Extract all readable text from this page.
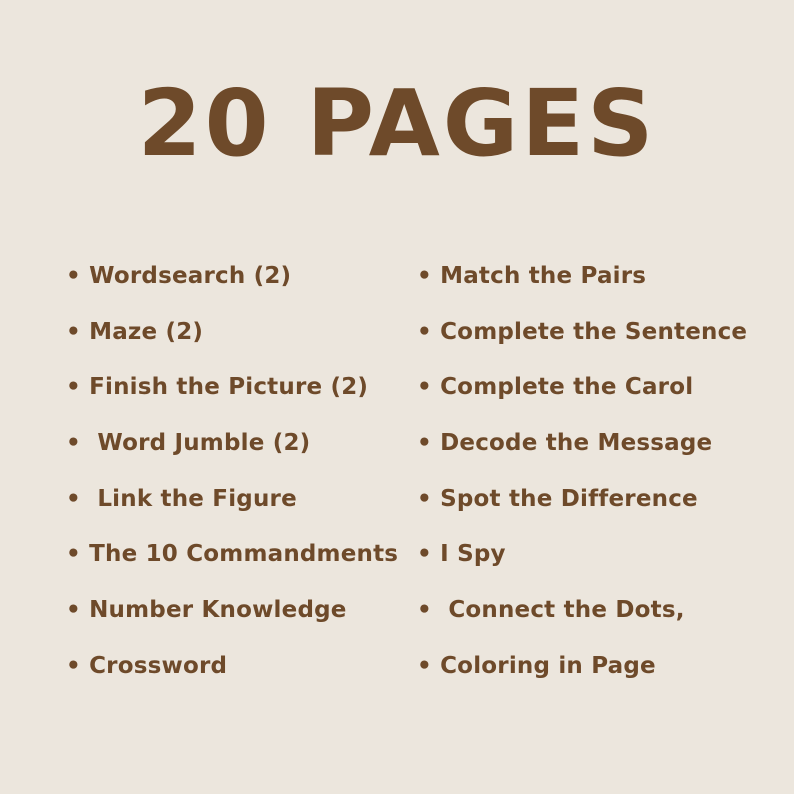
20 PAGES
• Wordsearch (2)
• Maze (2)
• Finish the Picture (2)
•  Word Jumble (2)
•  Link the Figure
• The 10 Commandments
• Number Knowledge
• Crossword
• Match the Pairs
• Complete the Sentence
• Complete the Carol
• Decode the Message
• Spot the Difference
• I Spy
•  Connect the Dots,
• Coloring in Page
